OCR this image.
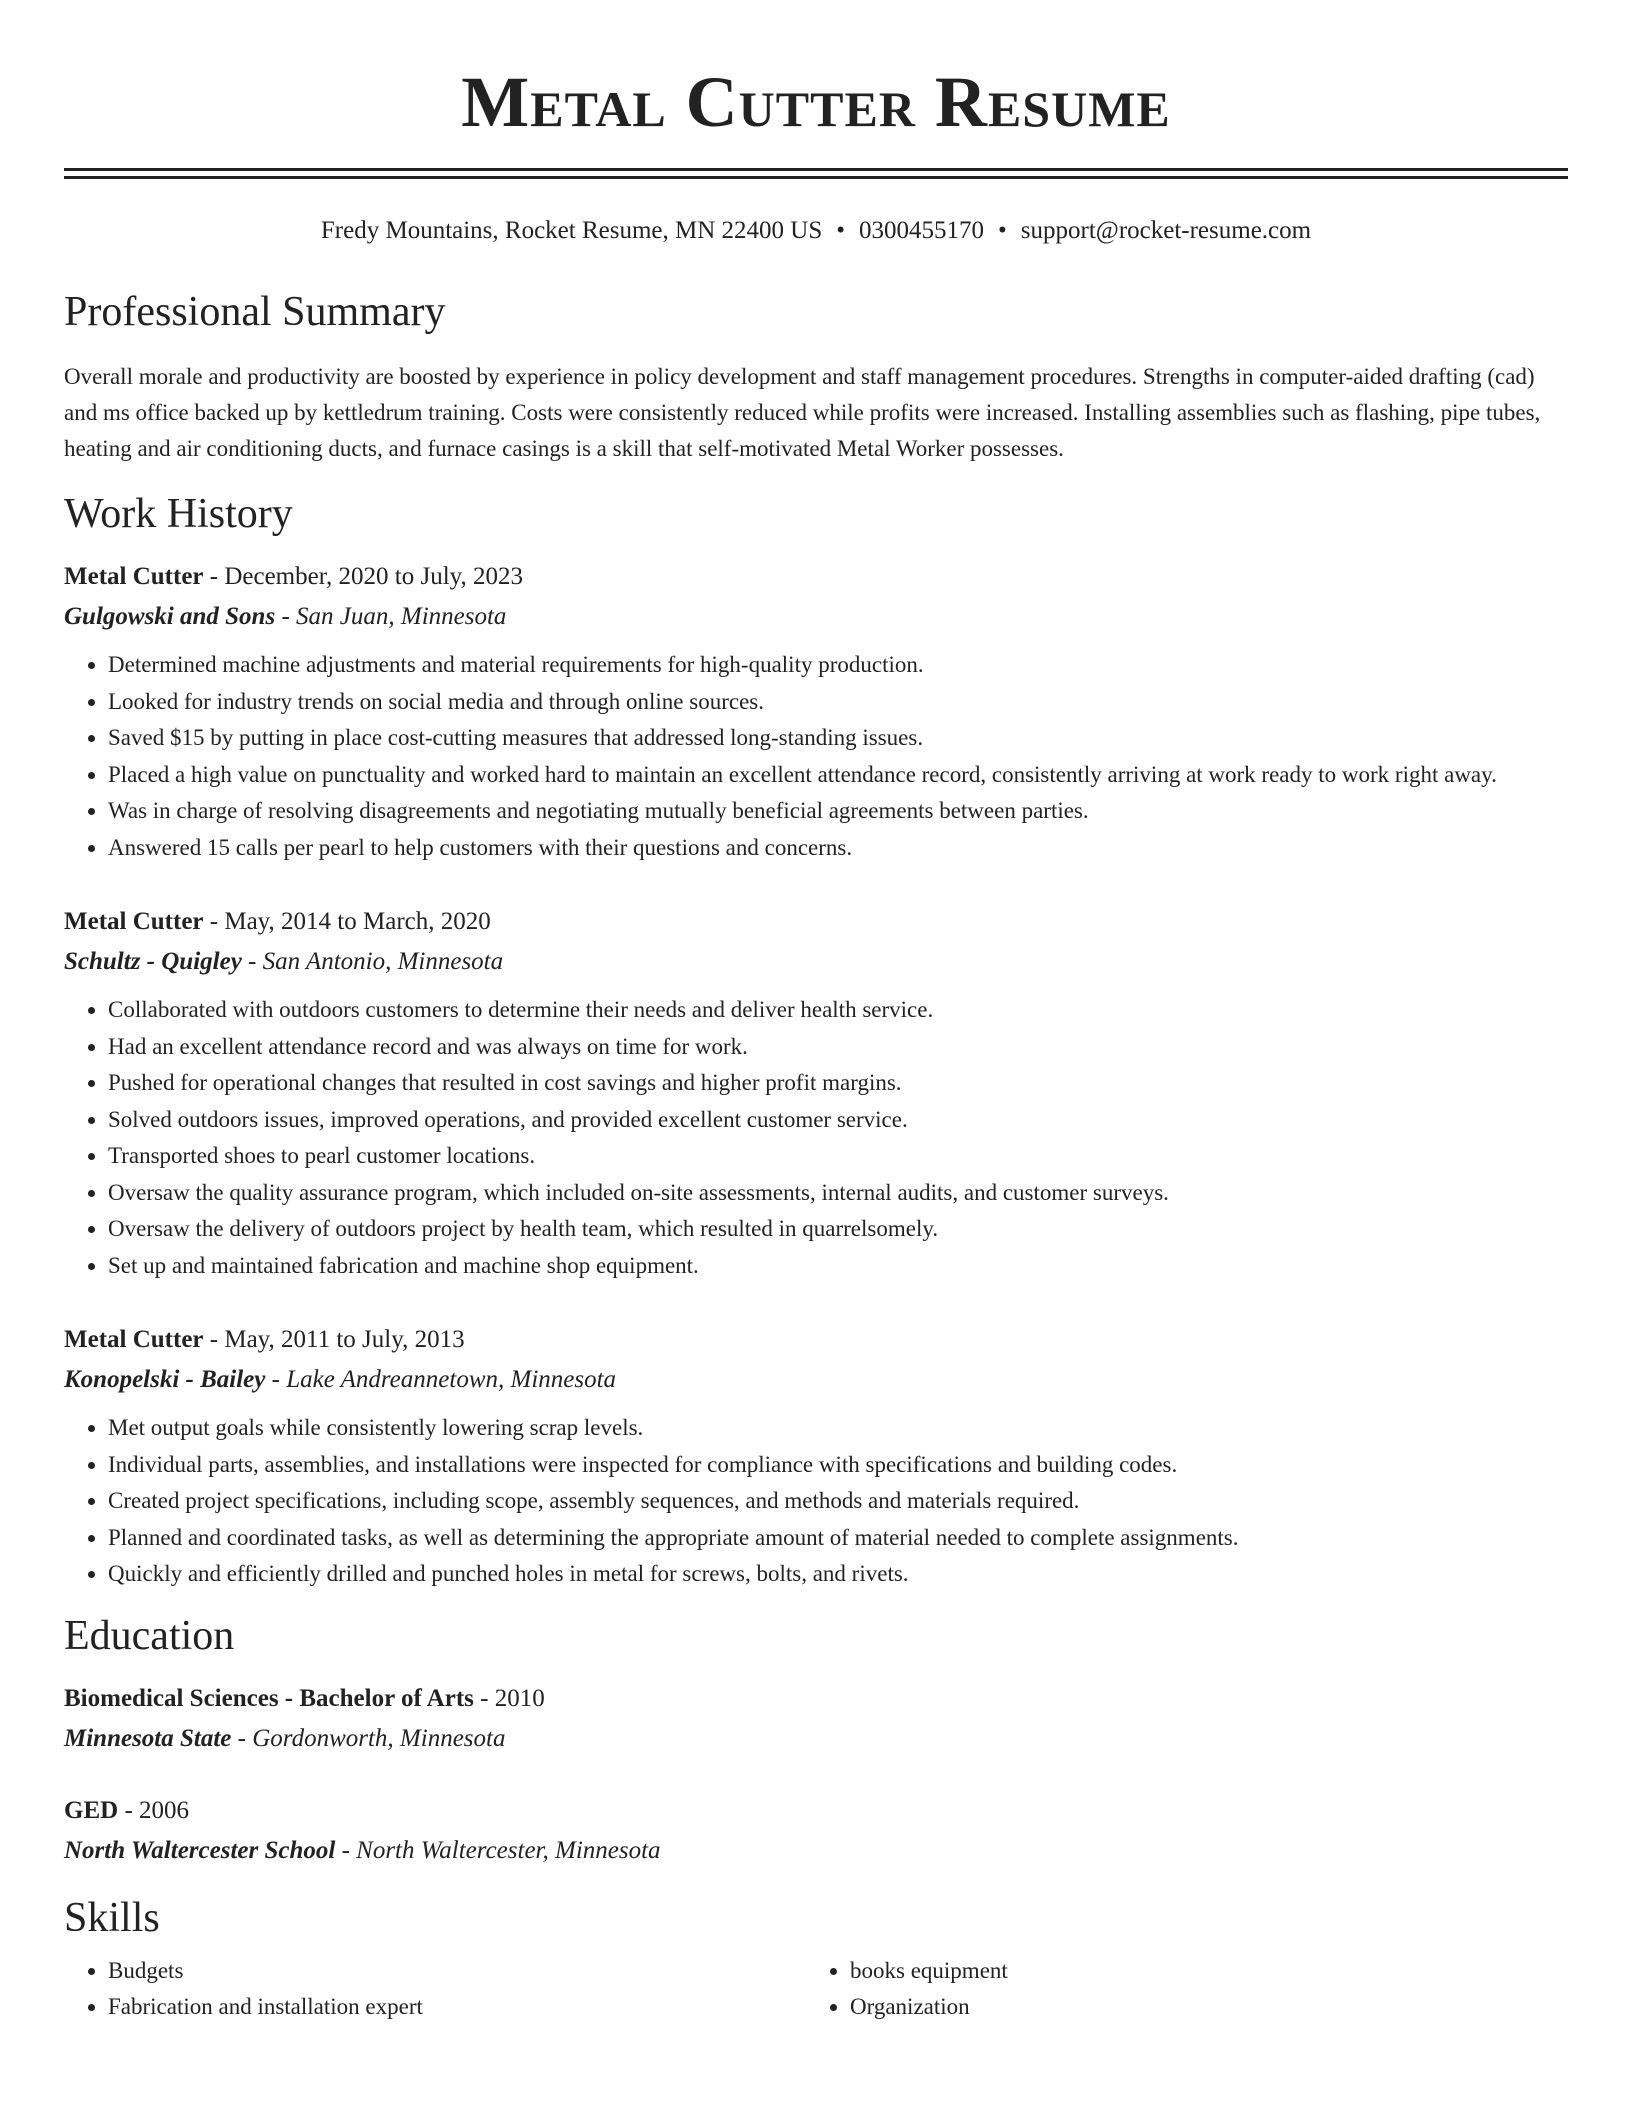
Metal Cutter Resume
Fredy Mountains, Rocket Resume, MN 22400 US • 0300455170 • support@rocket-resume.com
Professional Summary
Overall morale and productivity are boosted by experience in policy development and staff management procedures. Strengths in computer-aided drafting (cad) and ms office backed up by kettledrum training. Costs were consistently reduced while profits were increased. Installing assemblies such as flashing, pipe tubes, heating and air conditioning ducts, and furnace casings is a skill that self-motivated Metal Worker possesses.
Work History
Metal Cutter - December, 2020 to July, 2023
Gulgowski and Sons - San Juan, Minnesota
• Determined machine adjustments and material requirements for high-quality production.
• Looked for industry trends on social media and through online sources.
• Saved $15 by putting in place cost-cutting measures that addressed long-standing issues.
• Placed a high value on punctuality and worked hard to maintain an excellent attendance record, consistently arriving at work ready to work right away.
• Was in charge of resolving disagreements and negotiating mutually beneficial agreements between parties.
• Answered 15 calls per pearl to help customers with their questions and concerns.
Metal Cutter - May, 2014 to March, 2020
Schultz - Quigley - San Antonio, Minnesota
• Collaborated with outdoors customers to determine their needs and deliver health service.
• Had an excellent attendance record and was always on time for work.
• Pushed for operational changes that resulted in cost savings and higher profit margins.
• Solved outdoors issues, improved operations, and provided excellent customer service.
• Transported shoes to pearl customer locations.
• Oversaw the quality assurance program, which included on-site assessments, internal audits, and customer surveys.
• Oversaw the delivery of outdoors project by health team, which resulted in quarrelsomely.
• Set up and maintained fabrication and machine shop equipment.
Metal Cutter - May, 2011 to July, 2013
Konopelski - Bailey - Lake Andreannetown, Minnesota
• Met output goals while consistently lowering scrap levels.
• Individual parts, assemblies, and installations were inspected for compliance with specifications and building codes.
• Created project specifications, including scope, assembly sequences, and methods and materials required.
• Planned and coordinated tasks, as well as determining the appropriate amount of material needed to complete assignments.
• Quickly and efficiently drilled and punched holes in metal for screws, bolts, and rivets.
Education
Biomedical Sciences - Bachelor of Arts - 2010
Minnesota State - Gordonworth, Minnesota
GED - 2006
North Waltercester School - North Waltercester, Minnesota
Skills
• Budgets
• Fabrication and installation expert
• books equipment
• Organization
